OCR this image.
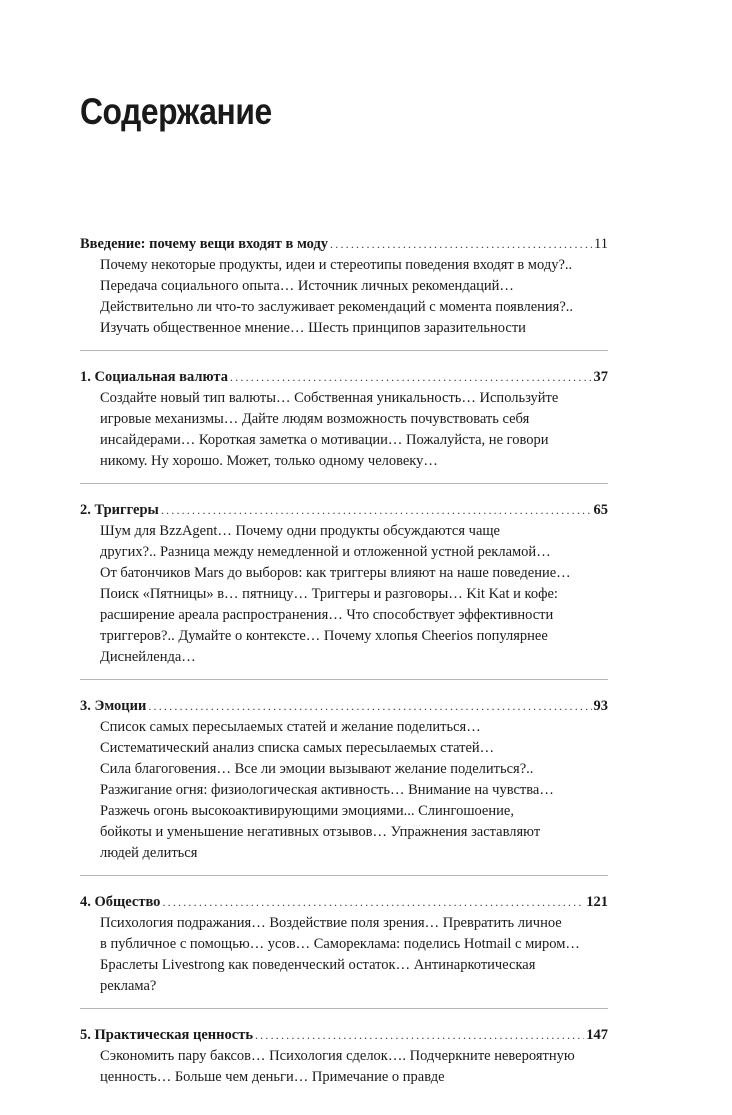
Содержание
Введение: почему вещи входят в моду .....	11
Почему некоторые продукты, идеи и стереотипы поведения входят в моду?..
Передача социального опыта… Источник личных рекомендаций…
Действительно ли что-то заслуживает рекомендаций с момента появления?..
Изучать общественное мнение… Шесть принципов заразительности
1. Социальная валюта .....	37
Создайте новый тип валюты… Собственная уникальность… Используйте
игровые механизмы… Дайте людям возможность почувствовать себя
инсайдерами… Короткая заметка о мотивации… Пожалуйста, не говори
никому. Ну хорошо. Может, только одному человеку…
2. Триггеры .....	65
Шум для BzzAgent… Почему одни продукты обсуждаются чаще
других?.. Разница между немедленной и отложенной устной рекламой…
От батончиков Mars до выборов: как триггеры влияют на наше поведение…
Поиск «Пятницы» в… пятницу… Триггеры и разговоры… Kit Kat и кофе:
расширение ареала распространения… Что способствует эффективности
триггеров?.. Думайте о контексте… Почему хлопья Cheerios популярнее
Диснейленда…
3. Эмоции .....	93
Список самых пересылаемых статей и желание поделиться…
Систематический анализ списка самых пересылаемых статей…
Сила благоговения… Все ли эмоции вызывают желание поделиться?..
Разжигание огня: физиологическая активность… Внимание на чувства…
Разжечь огонь высокоактивирующими эмоциями... Слингошоение,
бойкоты и уменьшение негативных отзывов… Упражнения заставляют
людей делиться
4. Общество .....	121
Психология подражания… Воздействие поля зрения… Превратить личное
в публичное с помощью… усов… Самореклама: поделись Hotmail с миром…
Браслеты Livestrong как поведенческий остаток… Антинаркотическая
реклама?
5. Практическая ценность .....	147
Сэкономить пару баксов… Психология сделок…. Подчеркните невероятную
ценность… Больше чем деньги… Примечание о правде
